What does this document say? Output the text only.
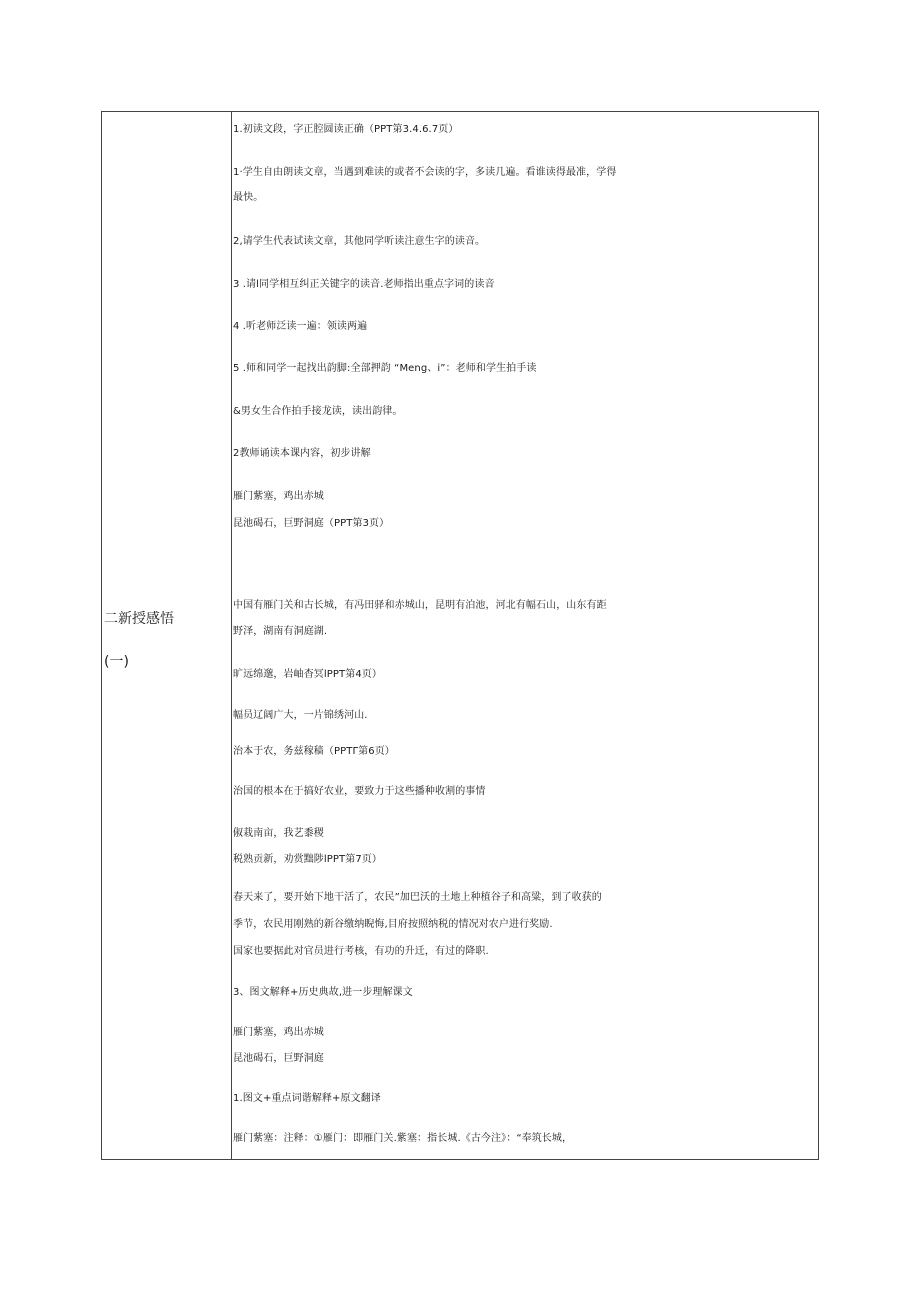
二新授感悟
(一)
1.初读文段，字正腔圆读正确（PPT第3.4.6.7页）
1·学生自由朗读文章，当遇到难读的或者不会读的字，多读几遍。看谁读得最准，学得
最快。
2,请学生代表试读文章，其他同学听读注意生字的读音。
3 .请l同学相互纠正关键字的读音.老师指出重点字词的读音
4 .听老师泛读一遍：领读两遍
5 .师和同学一起找出韵脚:全部押韵 “Meng、i”：老师和学生拍手读
&男女生合作拍手接龙读，读出韵律。
2教师诵读本课内容，初步讲解
雁门紫塞，鸡出赤城
昆池碣石，巨野洞庭（PPT第3页）
中国有雁门关和古长城，有冯田驿和赤城山，昆明有泊池，河北有幅石山，山东有距
野泽，湖南有洞庭湖.
旷远绵邈，岩岫杳冥lPPT第4页）
幅员辽阔广大，一片锦绣河山.
治本于农，务兹稼穑（PPTΓ第6页）
治国的根本在于搞好农业，要致力于这些播种收割的事情
俶栽南亩，我艺黍稷
税熟贡新，劝赏黜陟lPPT第7页）
春天来了，要开始下地干活了，农民”加巴沃的土地上种植谷子和高粱，到了收获的
季节，农民用刚熟的新谷缴纳睨悔,目府按照纳税的情况对农户进行奖励.
国家也要据此对官员进行考核，有功的升迁，有过的降职.
3、图文解释+历史典故,进一步理解课文
雁门紫塞，鸡出赤城
昆池碣石，巨野洞庭
1.图文+重点词谐解释+原文翻译
雁门紫塞：注释：①雁门：即雁门关.紫塞：指长城.《古今注》：“奉筑长城，
